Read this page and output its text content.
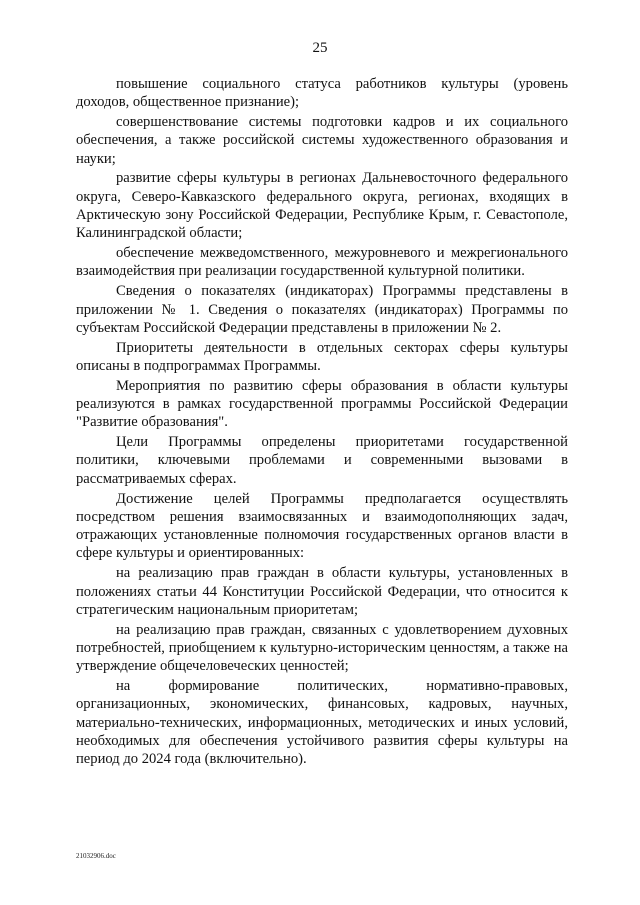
25

повышение социального статуса работников культуры (уровень доходов, общественное признание);

совершенствование системы подготовки кадров и их социального обеспечения, а также российской системы художественного образования и науки;

развитие сферы культуры в регионах Дальневосточного федерального округа, Северо-Кавказского федерального округа, регионах, входящих в Арктическую зону Российской Федерации, Республике Крым, г. Севастополе, Калининградской области;

обеспечение межведомственного, межуровневого и межрегионального взаимодействия при реализации государственной культурной политики.

Сведения о показателях (индикаторах) Программы представлены в приложении № 1. Сведения о показателях (индикаторах) Программы по субъектам Российской Федерации представлены в приложении № 2.

Приоритеты деятельности в отдельных секторах сферы культуры описаны в подпрограммах Программы.

Мероприятия по развитию сферы образования в области культуры реализуются в рамках государственной программы Российской Федерации "Развитие образования".

Цели Программы определены приоритетами государственной политики, ключевыми проблемами и современными вызовами в рассматриваемых сферах.

Достижение целей Программы предполагается осуществлять посредством решения взаимосвязанных и взаимодополняющих задач, отражающих установленные полномочия государственных органов власти в сфере культуры и ориентированных:

на реализацию прав граждан в области культуры, установленных в положениях статьи 44 Конституции Российской Федерации, что относится к стратегическим национальным приоритетам;

на реализацию прав граждан, связанных с удовлетворением духовных потребностей, приобщением к культурно-историческим ценностям, а также на утверждение общечеловеческих ценностей;

на формирование политических, нормативно-правовых, организационных, экономических, финансовых, кадровых, научных, материально-технических, информационных, методических и иных условий, необходимых для обеспечения устойчивого развития сферы культуры на период до 2024 года (включительно).

21032906.doc
